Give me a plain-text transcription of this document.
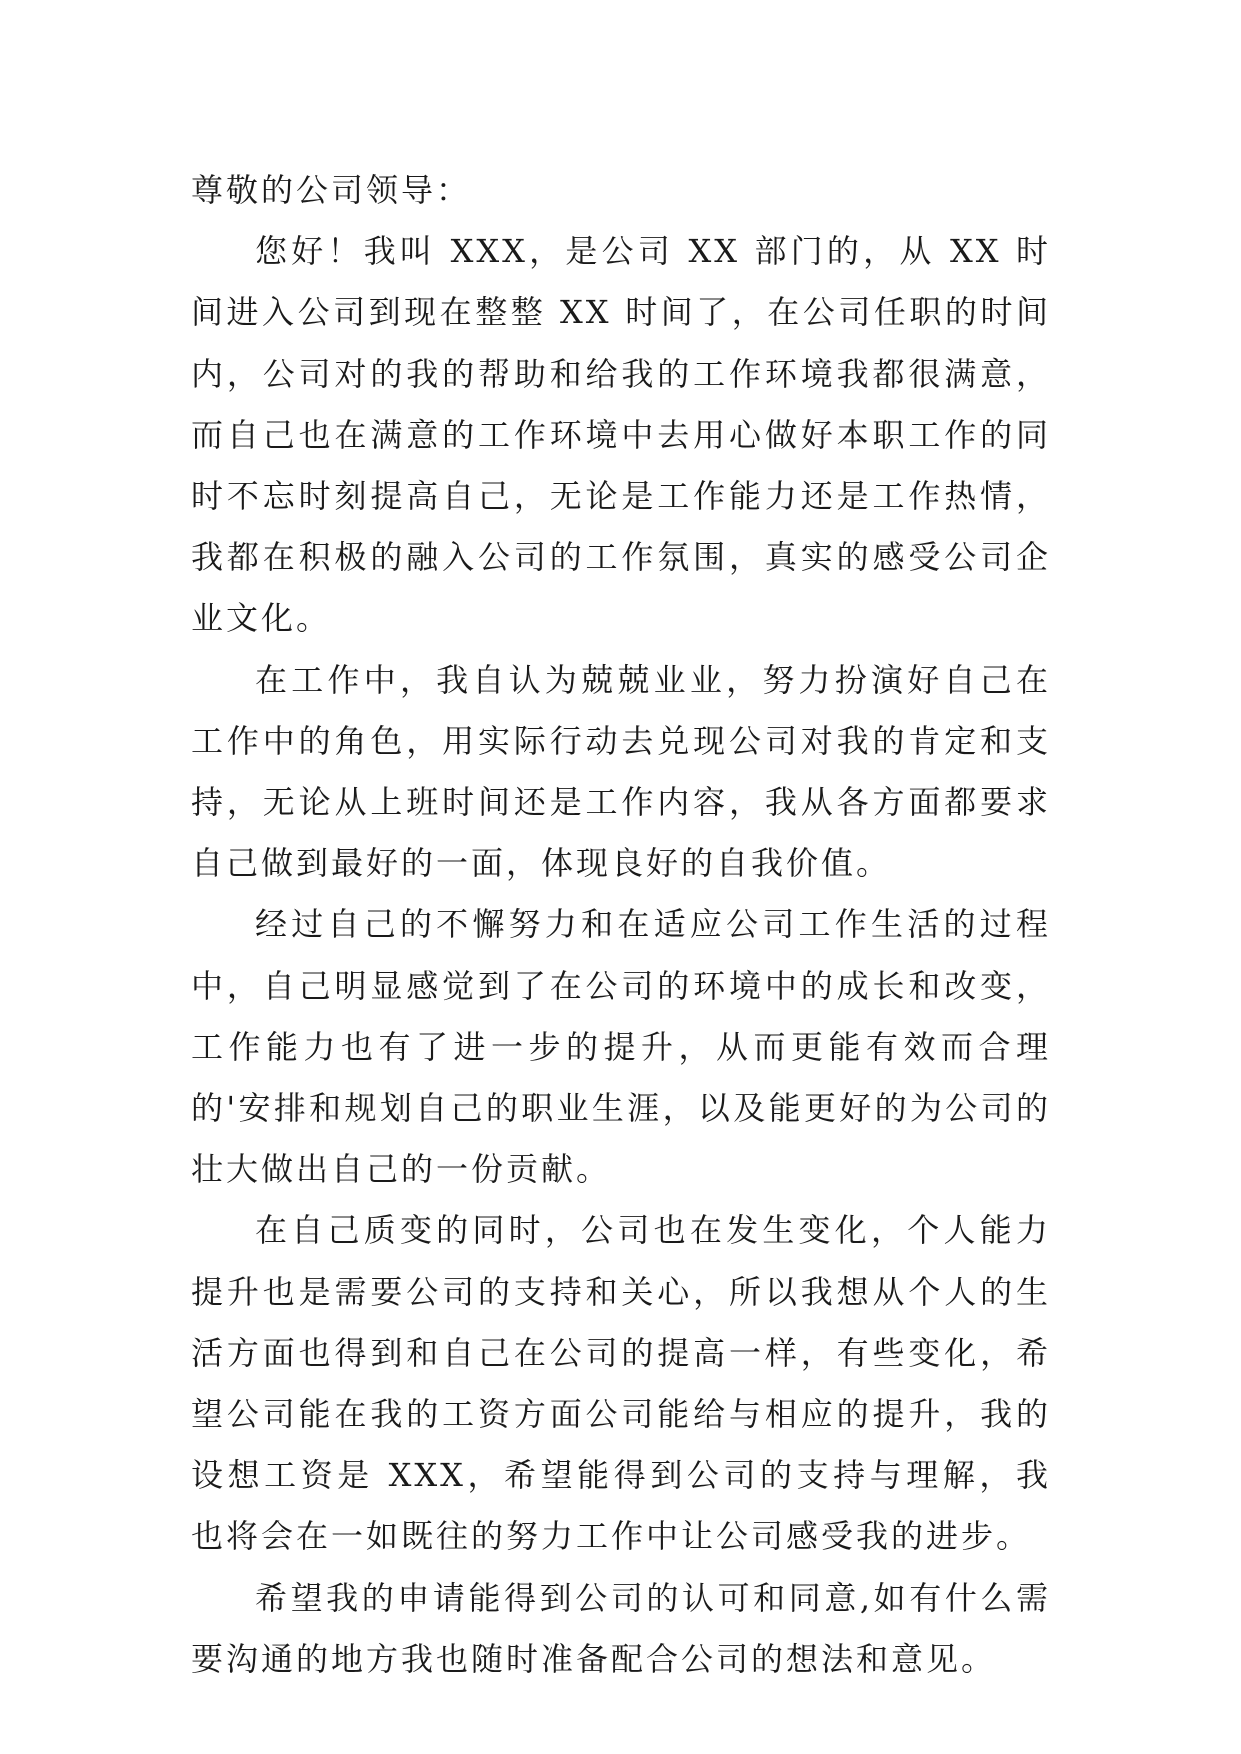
尊敬的公司领导：

您好！我叫 XXX，是公司 XX 部门的，从 XX 时间进入公司到现在整整 XX 时间了，在公司任职的时间内，公司对的我的帮助和给我的工作环境我都很满意，而自己也在满意的工作环境中去用心做好本职工作的同时不忘时刻提高自己，无论是工作能力还是工作热情，我都在积极的融入公司的工作氛围，真实的感受公司企业文化。

在工作中，我自认为兢兢业业，努力扮演好自己在工作中的角色，用实际行动去兑现公司对我的肯定和支持，无论从上班时间还是工作内容，我从各方面都要求自己做到最好的一面，体现良好的自我价值。

经过自己的不懈努力和在适应公司工作生活的过程中，自己明显感觉到了在公司的环境中的成长和改变，工作能力也有了进一步的提升，从而更能有效而合理的'安排和规划自己的职业生涯，以及能更好的为公司的壮大做出自己的一份贡献。

在自己质变的同时，公司也在发生变化，个人能力提升也是需要公司的支持和关心，所以我想从个人的生活方面也得到和自己在公司的提高一样，有些变化，希望公司能在我的工资方面公司能给与相应的提升，我的设想工资是 XXX，希望能得到公司的支持与理解，我也将会在一如既往的努力工作中让公司感受我的进步。

希望我的申请能得到公司的认可和同意,如有什么需要沟通的地方我也随时准备配合公司的想法和意见。
